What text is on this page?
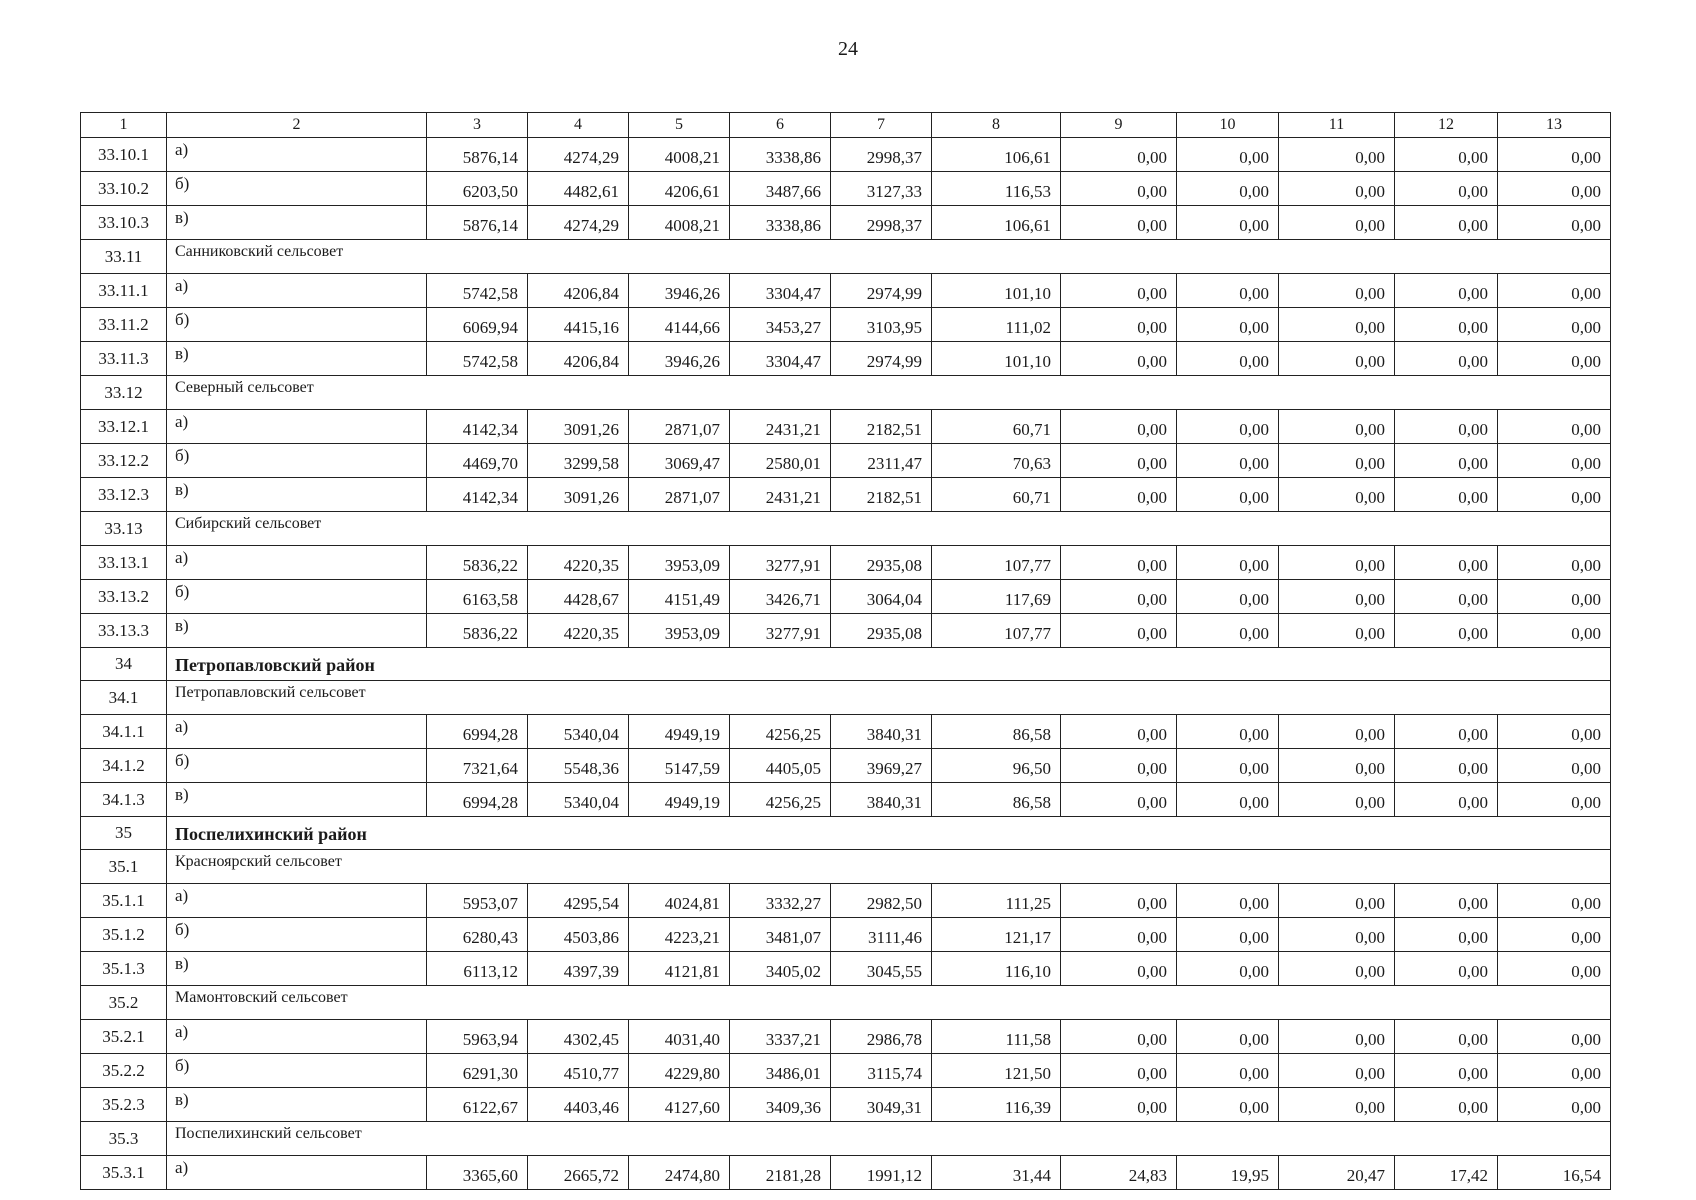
24
1	2	3	4	5	6	7	8	9	10	11	12	13
33.10.1	а)	5876,14	4274,29	4008,21	3338,86	2998,37	106,61	0,00	0,00	0,00	0,00	0,00
33.10.2	б)	6203,50	4482,61	4206,61	3487,66	3127,33	116,53	0,00	0,00	0,00	0,00	0,00
33.10.3	в)	5876,14	4274,29	4008,21	3338,86	2998,37	106,61	0,00	0,00	0,00	0,00	0,00
33.11	Санниковский сельсовет											
33.11.1	а)	5742,58	4206,84	3946,26	3304,47	2974,99	101,10	0,00	0,00	0,00	0,00	0,00
33.11.2	б)	6069,94	4415,16	4144,66	3453,27	3103,95	111,02	0,00	0,00	0,00	0,00	0,00
33.11.3	в)	5742,58	4206,84	3946,26	3304,47	2974,99	101,10	0,00	0,00	0,00	0,00	0,00
33.12	Северный сельсовет											
33.12.1	а)	4142,34	3091,26	2871,07	2431,21	2182,51	60,71	0,00	0,00	0,00	0,00	0,00
33.12.2	б)	4469,70	3299,58	3069,47	2580,01	2311,47	70,63	0,00	0,00	0,00	0,00	0,00
33.12.3	в)	4142,34	3091,26	2871,07	2431,21	2182,51	60,71	0,00	0,00	0,00	0,00	0,00
33.13	Сибирский сельсовет											
33.13.1	а)	5836,22	4220,35	3953,09	3277,91	2935,08	107,77	0,00	0,00	0,00	0,00	0,00
33.13.2	б)	6163,58	4428,67	4151,49	3426,71	3064,04	117,69	0,00	0,00	0,00	0,00	0,00
33.13.3	в)	5836,22	4220,35	3953,09	3277,91	2935,08	107,77	0,00	0,00	0,00	0,00	0,00
34	Петропавловский район											
34.1	Петропавловский сельсовет											
34.1.1	а)	6994,28	5340,04	4949,19	4256,25	3840,31	86,58	0,00	0,00	0,00	0,00	0,00
34.1.2	б)	7321,64	5548,36	5147,59	4405,05	3969,27	96,50	0,00	0,00	0,00	0,00	0,00
34.1.3	в)	6994,28	5340,04	4949,19	4256,25	3840,31	86,58	0,00	0,00	0,00	0,00	0,00
35	Поспелихинский район											
35.1	Красноярский сельсовет											
35.1.1	а)	5953,07	4295,54	4024,81	3332,27	2982,50	111,25	0,00	0,00	0,00	0,00	0,00
35.1.2	б)	6280,43	4503,86	4223,21	3481,07	3111,46	121,17	0,00	0,00	0,00	0,00	0,00
35.1.3	в)	6113,12	4397,39	4121,81	3405,02	3045,55	116,10	0,00	0,00	0,00	0,00	0,00
35.2	Мамонтовский сельсовет											
35.2.1	а)	5963,94	4302,45	4031,40	3337,21	2986,78	111,58	0,00	0,00	0,00	0,00	0,00
35.2.2	б)	6291,30	4510,77	4229,80	3486,01	3115,74	121,50	0,00	0,00	0,00	0,00	0,00
35.2.3	в)	6122,67	4403,46	4127,60	3409,36	3049,31	116,39	0,00	0,00	0,00	0,00	0,00
35.3	Поспелихинский сельсовет											
35.3.1	а)	3365,60	2665,72	2474,80	2181,28	1991,12	31,44	24,83	19,95	20,47	17,42	16,54
